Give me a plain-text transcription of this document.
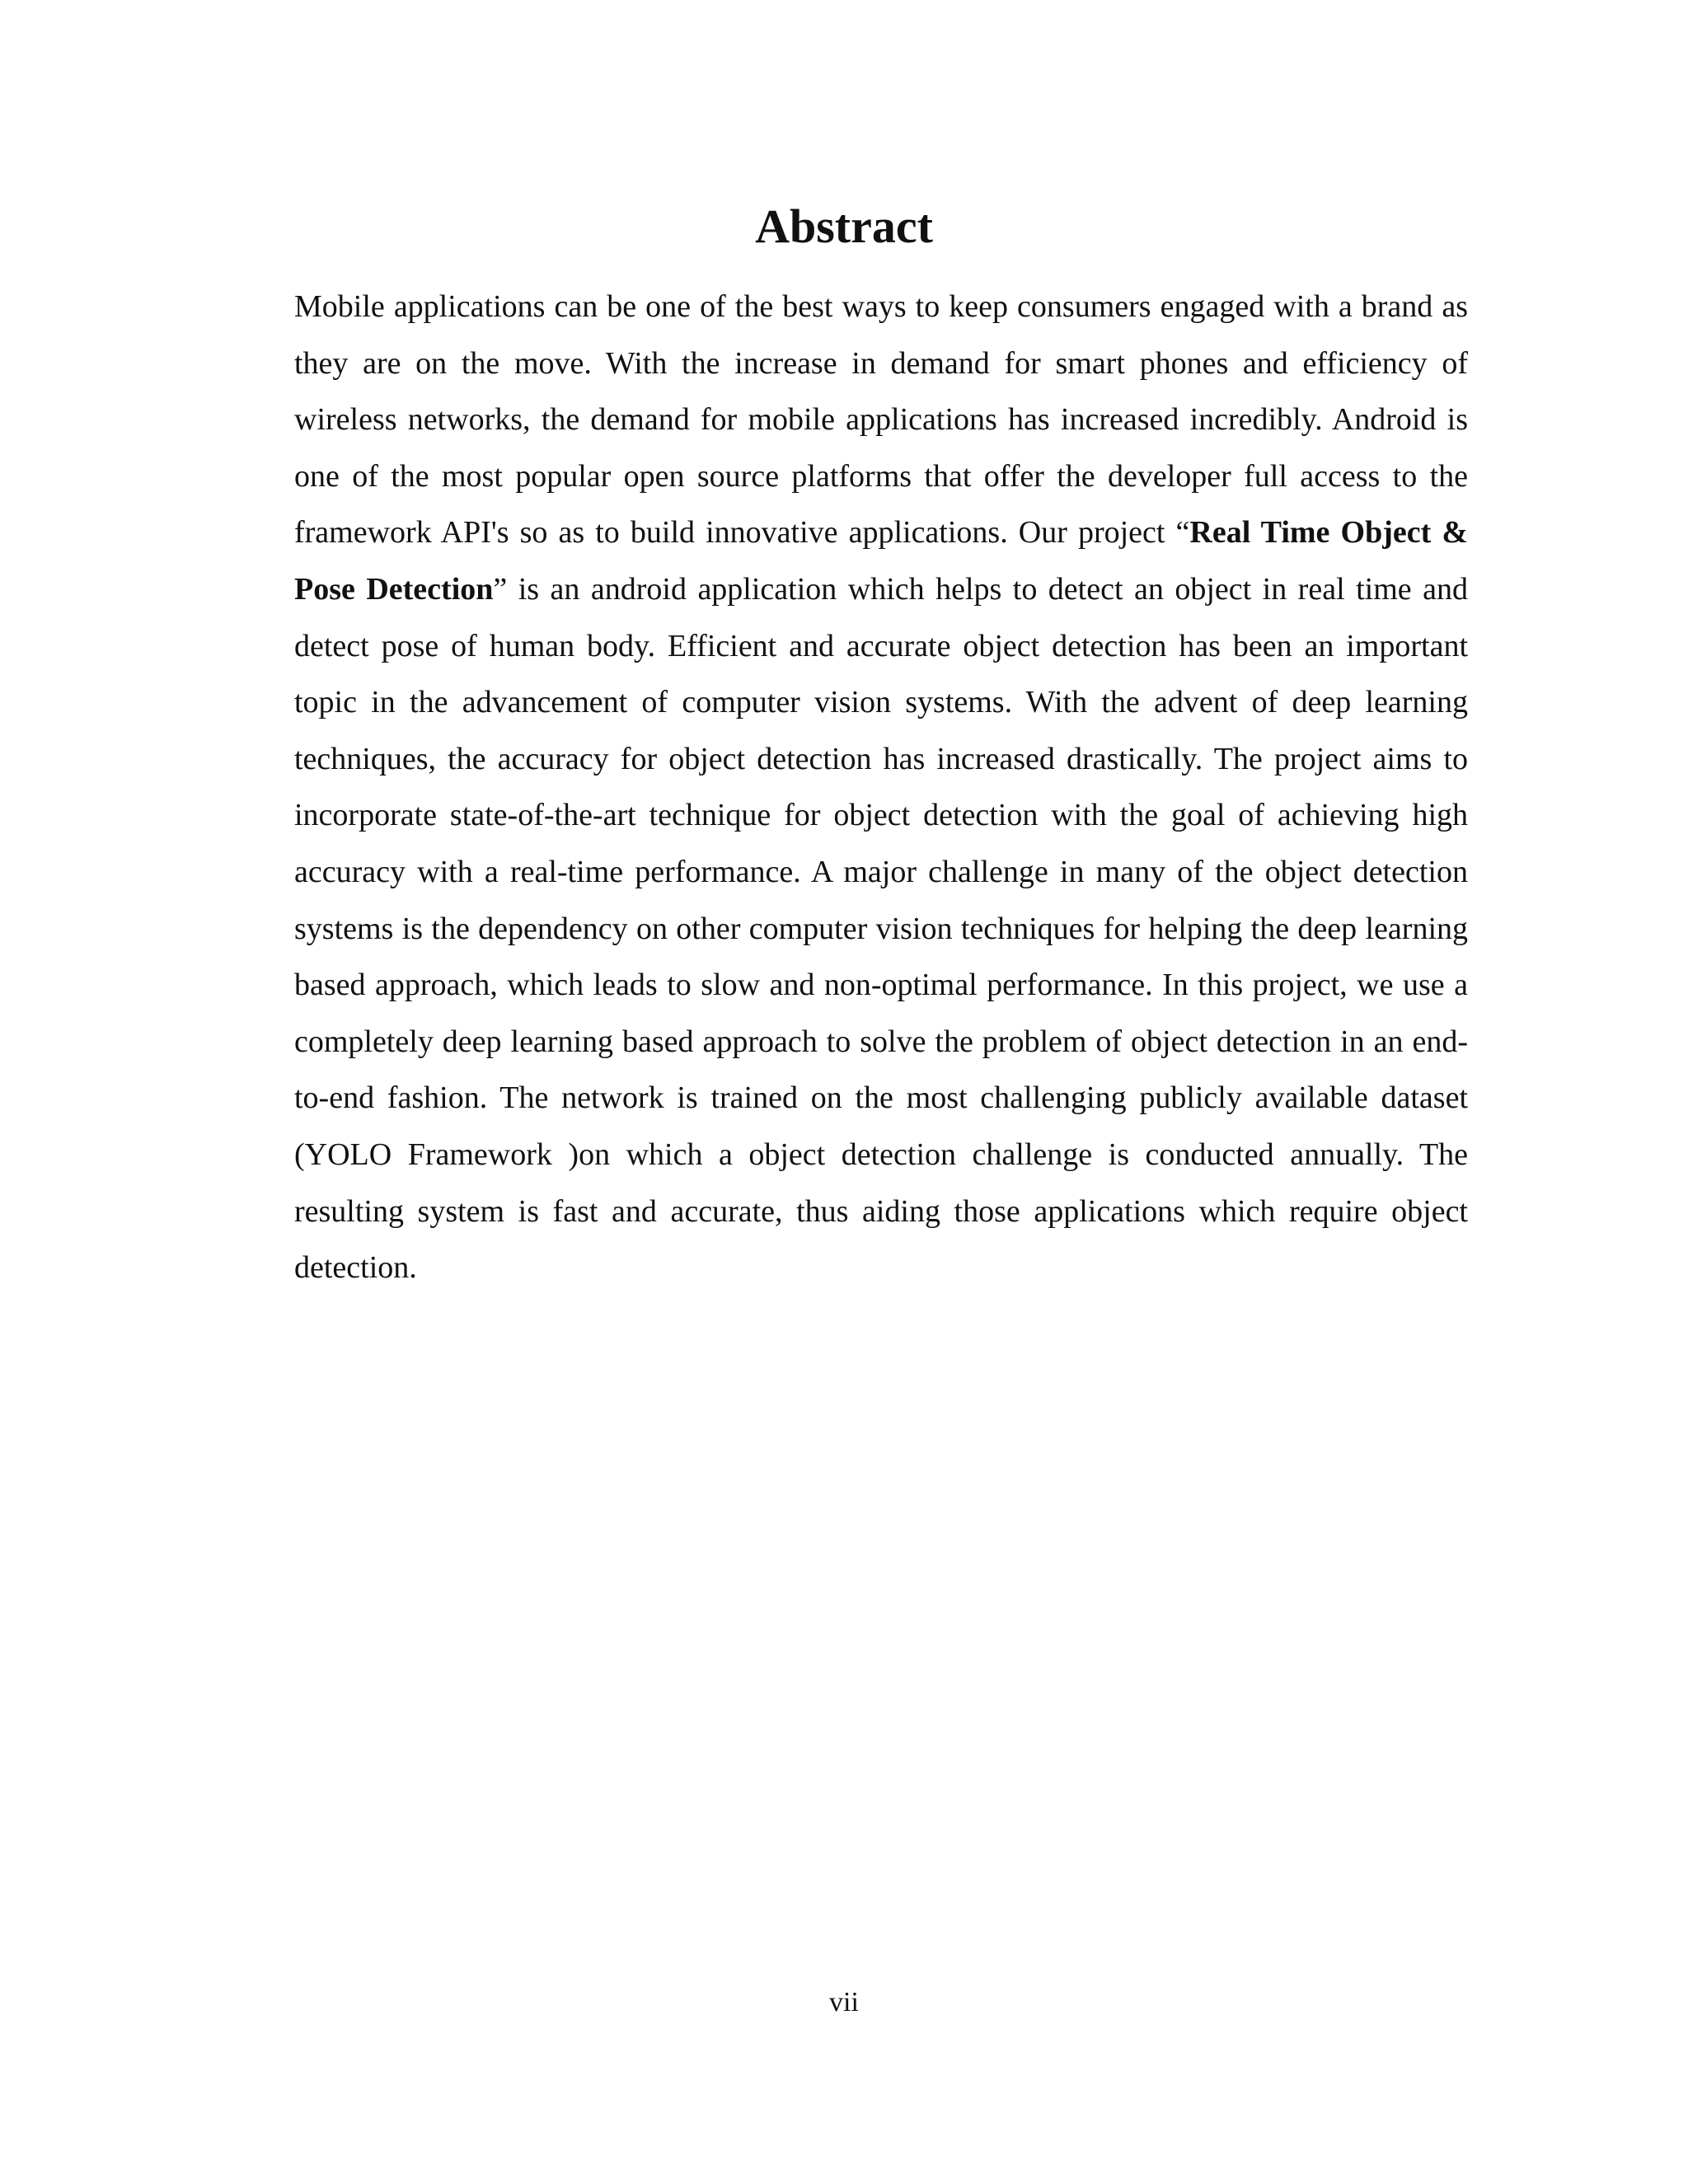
Abstract

Mobile applications can be one of the best ways to keep consumers engaged with a brand as they are on the move. With the increase in demand for smart phones and efficiency of wireless networks, the demand for mobile applications has increased incredibly. Android is one of the most popular open source platforms that offer the developer full access to the framework API's so as to build innovative applications. Our project “Real Time Object & Pose Detection” is an android application which helps to detect an object in real time and detect pose of human body. Efficient and accurate object detection has been an important topic in the advancement of computer vision systems. With the advent of deep learning techniques, the accuracy for object detection has increased drastically. The project aims to incorporate state-of-the-art technique for object detection with the goal of achieving high accuracy with a real-time performance. A major challenge in many of the object detection systems is the dependency on other computer vision techniques for helping the deep learning based approach, which leads to slow and non-optimal performance. In this project, we use a completely deep learning based approach to solve the problem of object detection in an end-to-end fashion. The network is trained on the most challenging publicly available dataset (YOLO Framework )on which a object detection challenge is conducted annually. The resulting system is fast and accurate, thus aiding those applications which require object detection.

vii
